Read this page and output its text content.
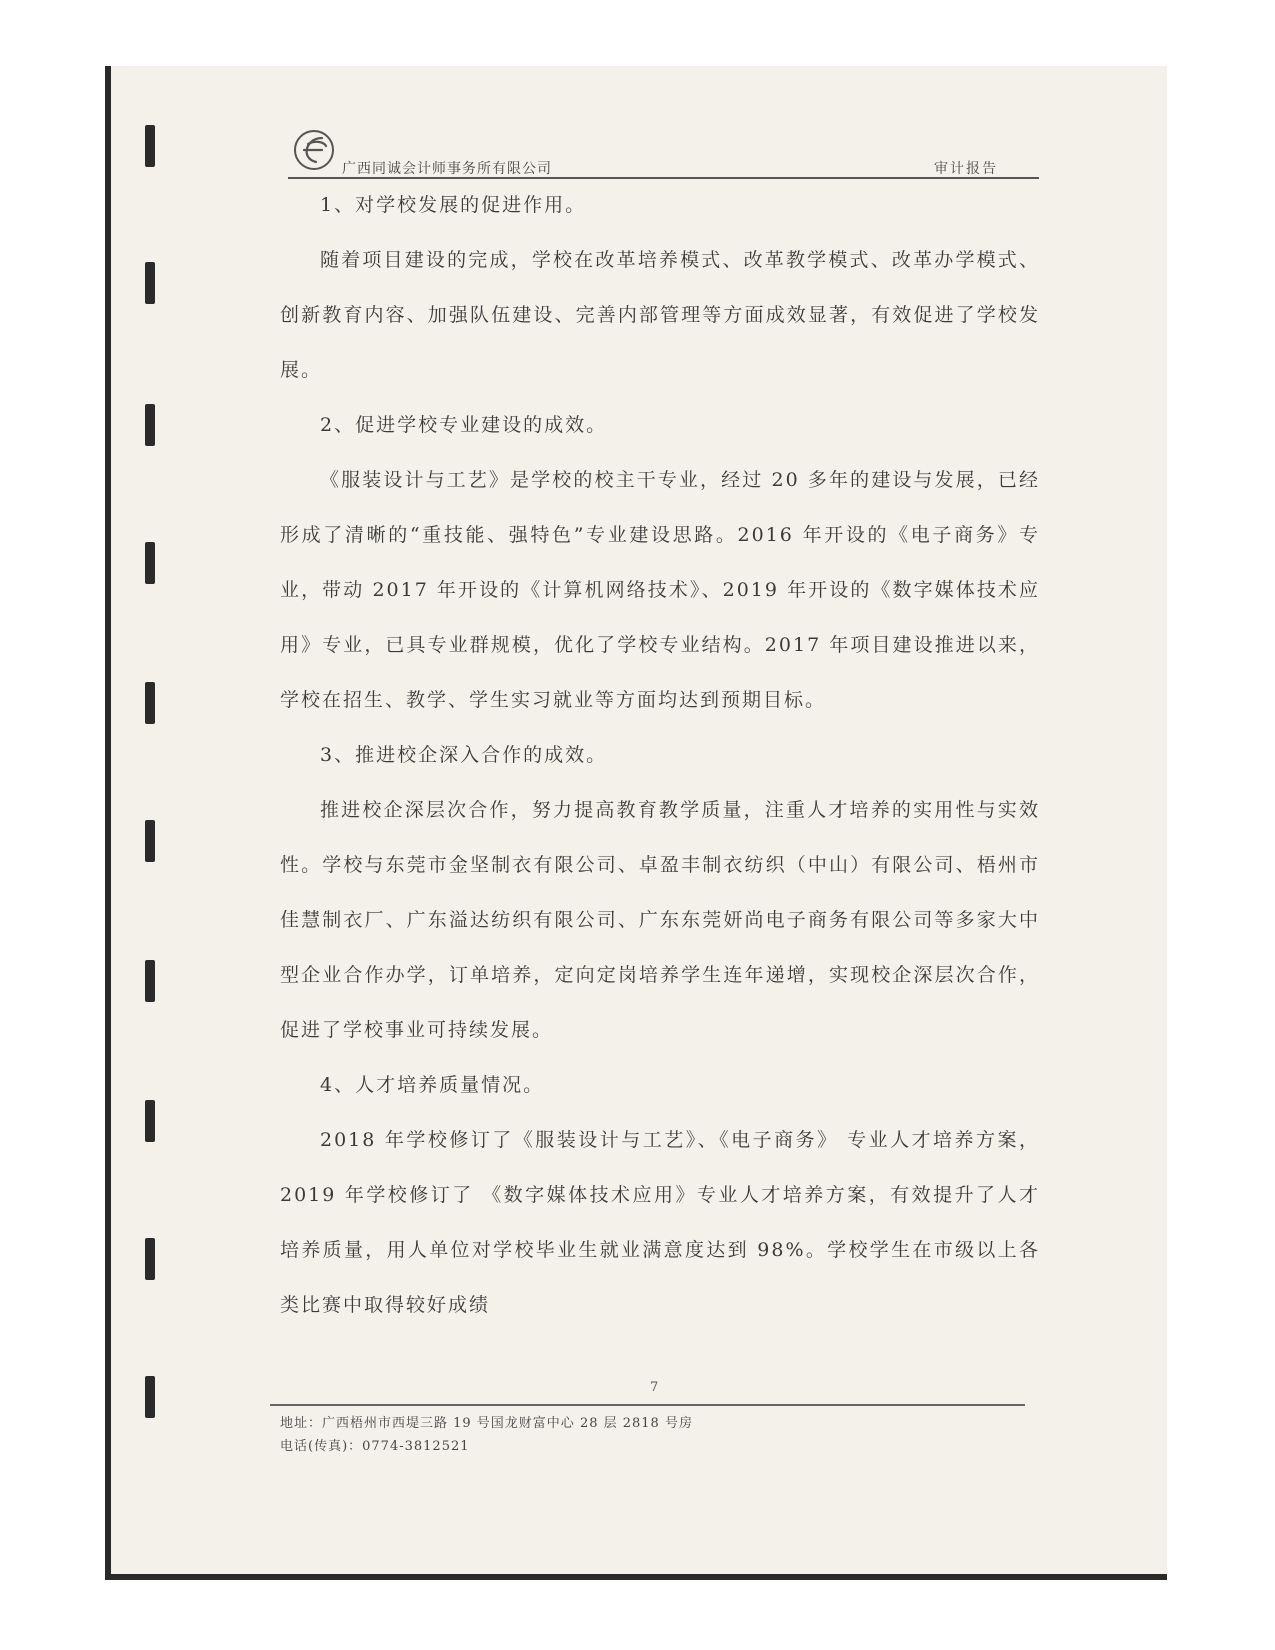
广西同诚会计师事务所有限公司	审计报告

1、对学校发展的促进作用。

随着项目建设的完成，学校在改革培养模式、改革教学模式、改革办学模式、创新教育内容、加强队伍建设、完善内部管理等方面成效显著，有效促进了学校发展。

2、促进学校专业建设的成效。

《服装设计与工艺》是学校的校主干专业，经过 20 多年的建设与发展，已经形成了清晰的“重技能、强特色”专业建设思路。2016 年开设的《电子商务》专业，带动 2017 年开设的《计算机网络技术》、2019 年开设的《数字媒体技术应用》专业，已具专业群规模，优化了学校专业结构。2017 年项目建设推进以来，学校在招生、教学、学生实习就业等方面均达到预期目标。

3、推进校企深入合作的成效。

推进校企深层次合作，努力提高教育教学质量，注重人才培养的实用性与实效性。学校与东莞市金坚制衣有限公司、卓盈丰制衣纺织（中山）有限公司、梧州市佳慧制衣厂、广东溢达纺织有限公司、广东东莞妍尚电子商务有限公司等多家大中型企业合作办学，订单培养，定向定岗培养学生连年递增，实现校企深层次合作，促进了学校事业可持续发展。

4、人才培养质量情况。

2018 年学校修订了《服装设计与工艺》、《电子商务》 专业人才培养方案，2019 年学校修订了 《数字媒体技术应用》专业人才培养方案，有效提升了人才培养质量，用人单位对学校毕业生就业满意度达到 98%。学校学生在市级以上各类比赛中取得较好成绩

7
地址：广西梧州市西堤三路 19 号国龙财富中心 28 层 2818 号房
电话(传真)：0774-3812521
